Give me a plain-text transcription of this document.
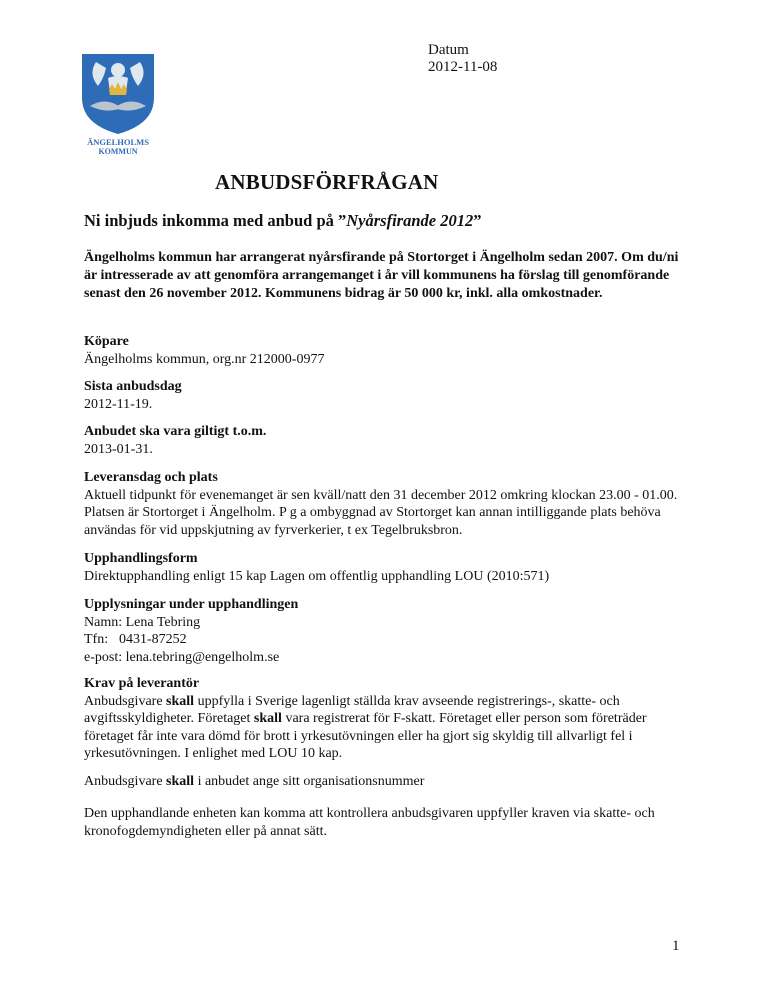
ÄNGELHOLMS
KOMMUN
Datum
2012-11-08
ANBUDSFÖRFRÅGAN
Ni inbjuds inkomma med anbud på ”Nyårsfirande 2012”
Ängelholms kommun har arrangerat nyårsfirande på Stortorget i Ängelholm sedan 2007. Om du/ni är intresserade av att genomföra arrangemanget i år vill kommunens ha förslag till genomförande senast den 26 november 2012. Kommunens bidrag är 50 000 kr, inkl. alla omkostnader.

Köpare

Ängelholms kommun, org.nr 212000-0977

Sista anbudsdag

2012-11-19.

Anbudet ska vara giltigt t.o.m.

2013-01-31.

Leveransdag och plats

Aktuell tidpunkt för evenemanget är sen kväll/natt den 31 december 2012 omkring klockan 23.00 - 01.00. Platsen är Stortorget i Ängelholm. P g a ombyggnad av Stortorget kan annan intilliggande plats behöva användas för vid uppskjutning av fyrverkerier, t ex Tegelbruksbron.

Upphandlingsform

Direktupphandling enligt 15 kap Lagen om offentlig upphandling LOU (2010:571)

Upplysningar under upphandlingen

Namn: Lena Tebring

Tfn: 0431-87252

e-post: lena.tebring@engelholm.se

Krav på leverantör

Anbudsgivare skall uppfylla i Sverige lagenligt ställda krav avseende registrerings-, skatte- och avgiftsskyldigheter. Företaget skall vara registrerat för F-skatt. Företaget eller person som företräder företaget får inte vara dömd för brott i yrkesutövningen eller ha gjort sig skyldig till allvarligt fel i yrkesutövningen. I enlighet med LOU 10 kap.

Anbudsgivare skall i anbudet ange sitt organisationsnummer

Den upphandlande enheten kan komma att kontrollera anbudsgivaren uppfyller kraven via skatte- och kronofogdemyndigheten eller på annat sätt.

1
